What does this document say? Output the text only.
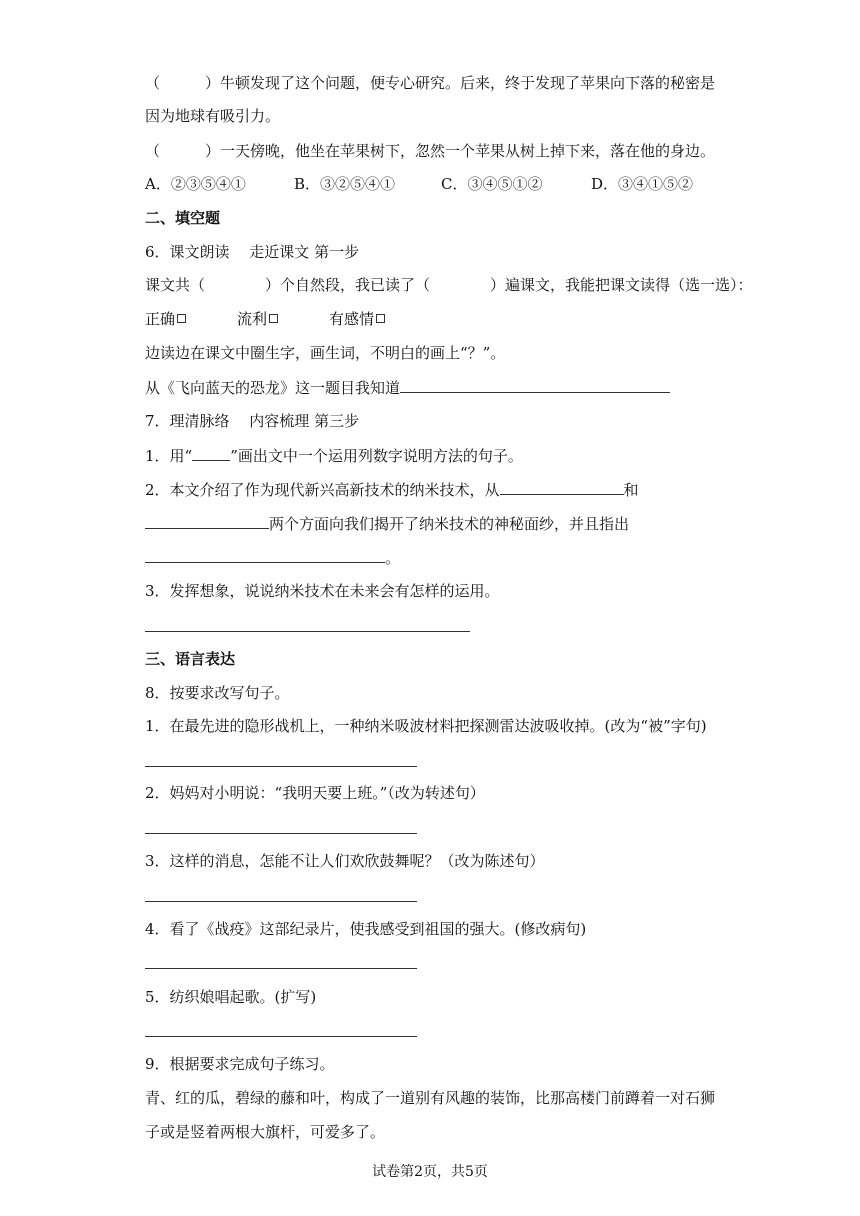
（　　　）牛顿发现了这个问题，便专心研究。后来，终于发现了苹果向下落的秘密是
因为地球有吸引力。
（　　　）一天傍晚，他坐在苹果树下，忽然一个苹果从树上掉下来，落在他的身边。
A．②③⑤④①	B．③②⑤④①	C．③④⑤①②	D．③④①⑤②
二、填空题
6．课文朗读　 走近课文 第一步
课文共（	）个自然段，我已读了（	）遍课文，我能把课文读得（选一选）：
正确	流利	有感情
边读边在课文中圈生字，画生词，不明白的画上“？”。
从《飞向蓝天的恐龙》这一题目我知道
7．理清脉络　 内容梳理 第三步
1．用“	”画出文中一个运用列数字说明方法的句子。
2．本文介绍了作为现代新兴高新技术的纳米技术，从	和
两个方面向我们揭开了纳米技术的神秘面纱，并且指出
。
3．发挥想象，说说纳米技术在未来会有怎样的运用。
三、语言表达
8．按要求改写句子。
1．在最先进的隐形战机上，一种纳米吸波材料把探测雷达波吸收掉。(改为“被”字句)
2．妈妈对小明说：“我明天要上班。”（改为转述句）
3．这样的消息，怎能不让人们欢欣鼓舞呢？（改为陈述句）
4．看了《战疫》这部纪录片，使我感受到祖国的强大。(修改病句)
5．纺织娘唱起歌。(扩写)
9．根据要求完成句子练习。
青、红的瓜，碧绿的藤和叶，构成了一道别有风趣的装饰，比那高楼门前蹲着一对石狮
子或是竖着两根大旗杆，可爱多了。
试卷第2页，共5页
